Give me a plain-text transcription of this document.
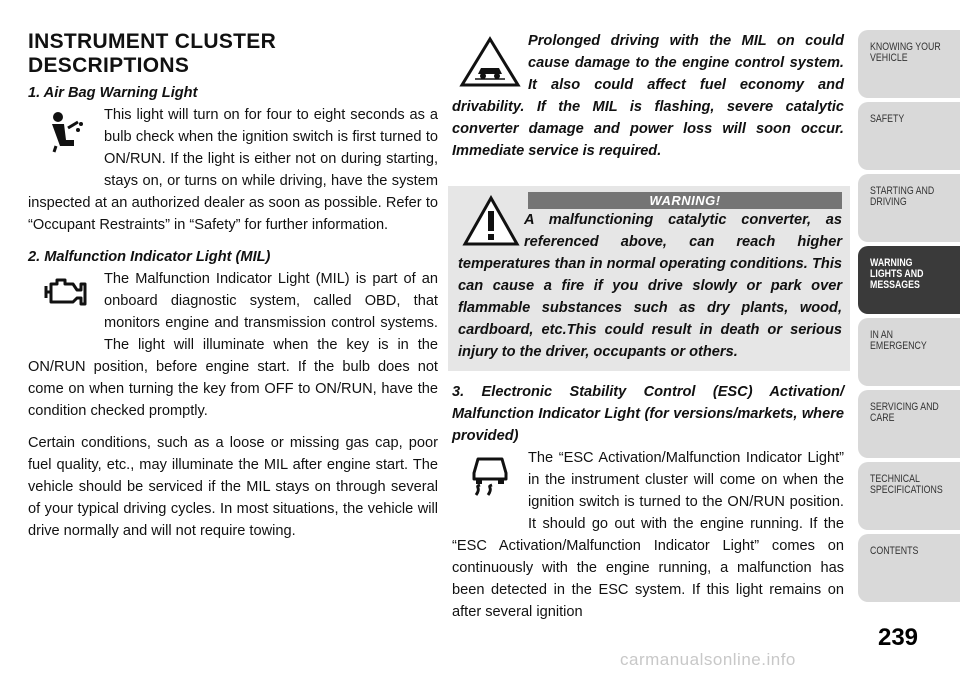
INSTRUMENT CLUSTER
DESCRIPTIONS

1. Air Bag Warning Light

This light will turn on for four to eight seconds as a bulb check when the ignition switch is first turned to ON/RUN. If the light is either not on during starting, stays on, or turns on while driving, have the system inspected at an authorized dealer as soon as possible. Refer to “Occupant Restraints” in “Safety” for further information.

2. Malfunction Indicator Light (MIL)

The Malfunction Indicator Light (MIL) is part of an onboard diagnostic system, called OBD, that monitors engine and transmission control systems. The light will illuminate when the key is in the ON/RUN position, before engine start. If the bulb does not come on when turning the key from OFF to ON/RUN, have the condition checked promptly.

Certain conditions, such as a loose or missing gas cap, poor fuel quality, etc., may illuminate the MIL after engine start. The vehicle should be serviced if the MIL stays on through several of your typical driving cycles. In most situations, the vehicle will drive normally and will not require towing.

Prolonged driving with the MIL on could cause damage to the engine control system. It also could affect fuel economy and drivability. If the MIL is flashing, severe catalytic converter damage and power loss will soon occur. Immediate service is required.

WARNING!

A malfunctioning catalytic converter, as referenced above, can reach higher temperatures than in normal operating conditions. This can cause a fire if you drive slowly or park over flammable substances such as dry plants, wood, cardboard, etc.This could result in death or serious injury to the driver, occupants or others.

3. Electronic Stability Control (ESC) Activation/ Malfunction Indicator Light (for versions/markets, where provided)

The “ESC Activation/Malfunction Indicator Light” in the instrument cluster will come on when the ignition switch is turned to the ON/RUN position. It should go out with the engine running. If the “ESC Activation/Malfunction Indicator Light” comes on continuously with the engine running, a malfunction has been detected in the ESC system. If this light remains on after several ignition

KNOWING YOUR VEHICLE
SAFETY
STARTING AND DRIVING
WARNING LIGHTS AND MESSAGES
IN AN EMERGENCY
SERVICING AND CARE
TECHNICAL SPECIFICATIONS
CONTENTS
239
carmanualsonline.info
